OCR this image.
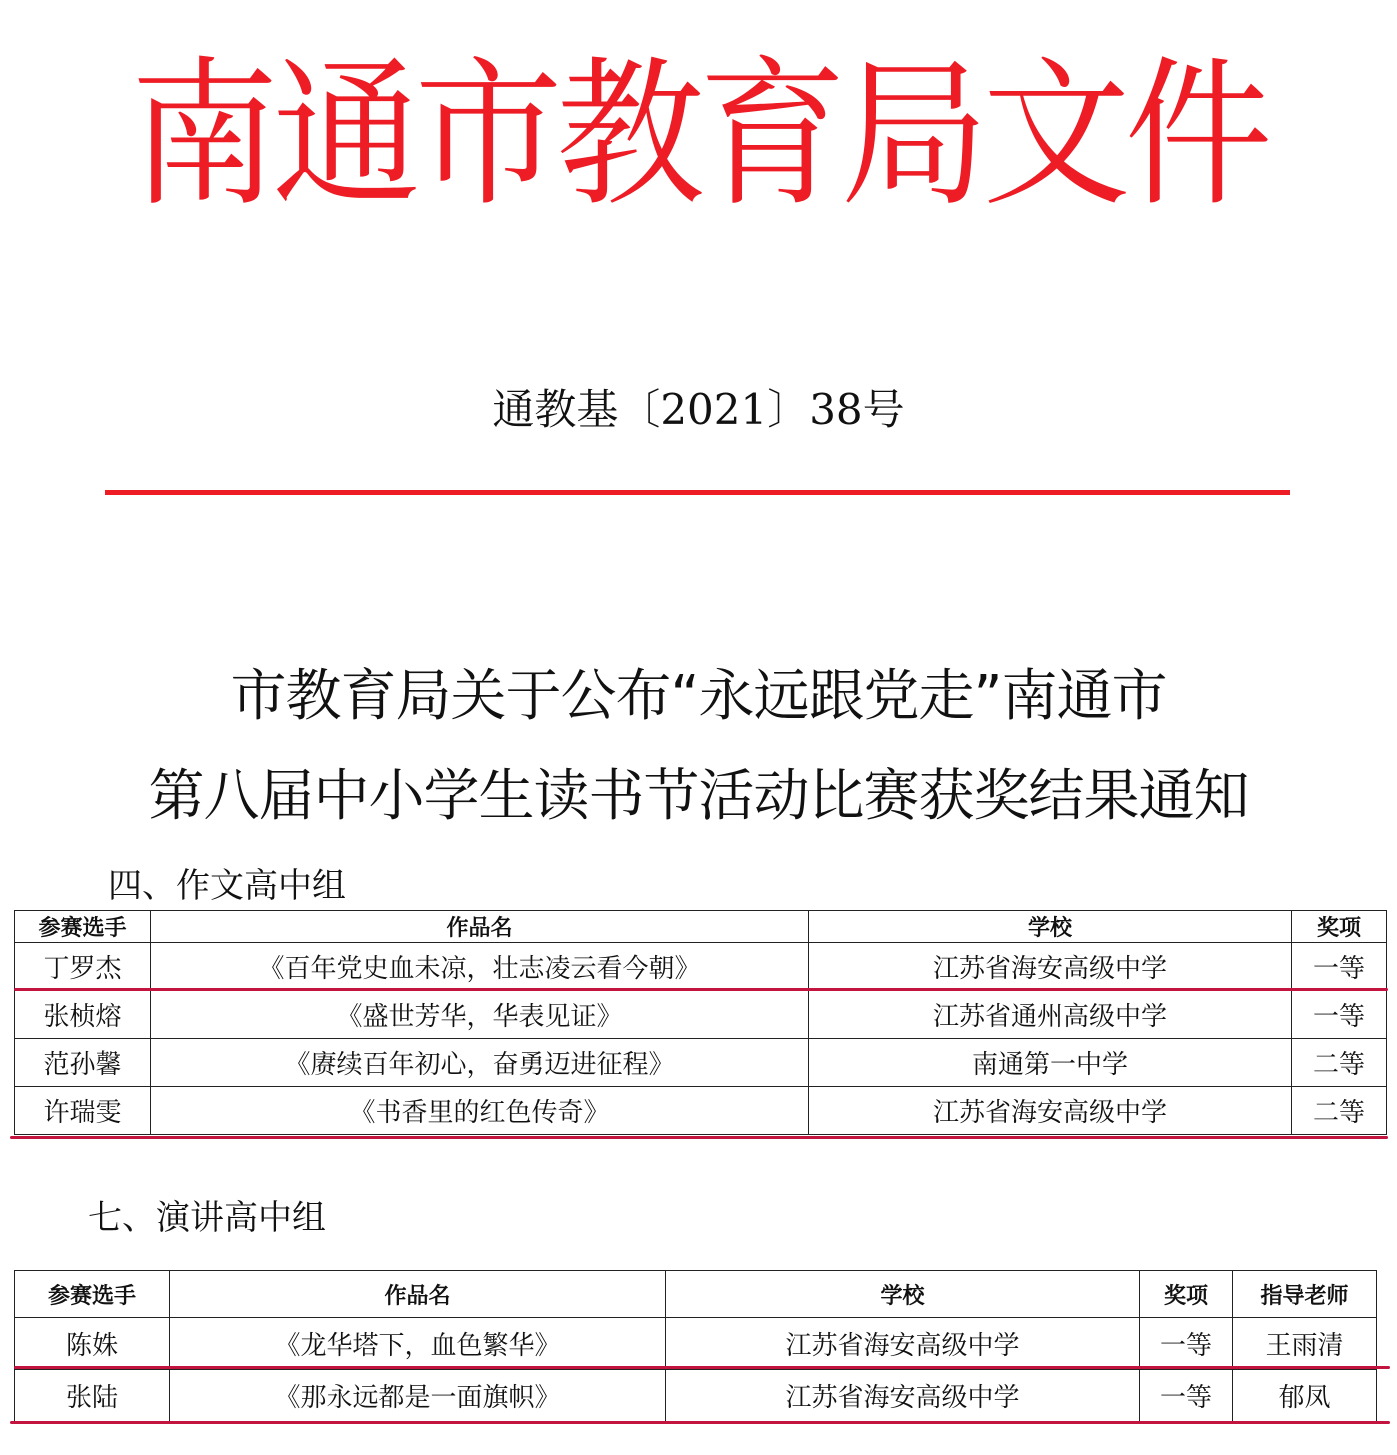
南通市教育局文件
通教基〔2021〕38号
市教育局关于公布“永远跟党走”南通市
第八届中小学生读书节活动比赛获奖结果通知
四、作文高中组
参赛选手	作品名	学校	奖项
丁罗杰	《百年党史血未凉，壮志凌云看今朝》	江苏省海安高级中学	一等
张桢熔	《盛世芳华，华表见证》	江苏省通州高级中学	一等
范孙馨	《赓续百年初心，奋勇迈进征程》	南通第一中学	二等
许瑞雯	《书香里的红色传奇》	江苏省海安高级中学	二等
七、演讲高中组
参赛选手	作品名	学校	奖项	指导老师
陈姝	《龙华塔下，血色繁华》	江苏省海安高级中学	一等	王雨清
张陆	《那永远都是一面旗帜》	江苏省海安高级中学	一等	郁凤
